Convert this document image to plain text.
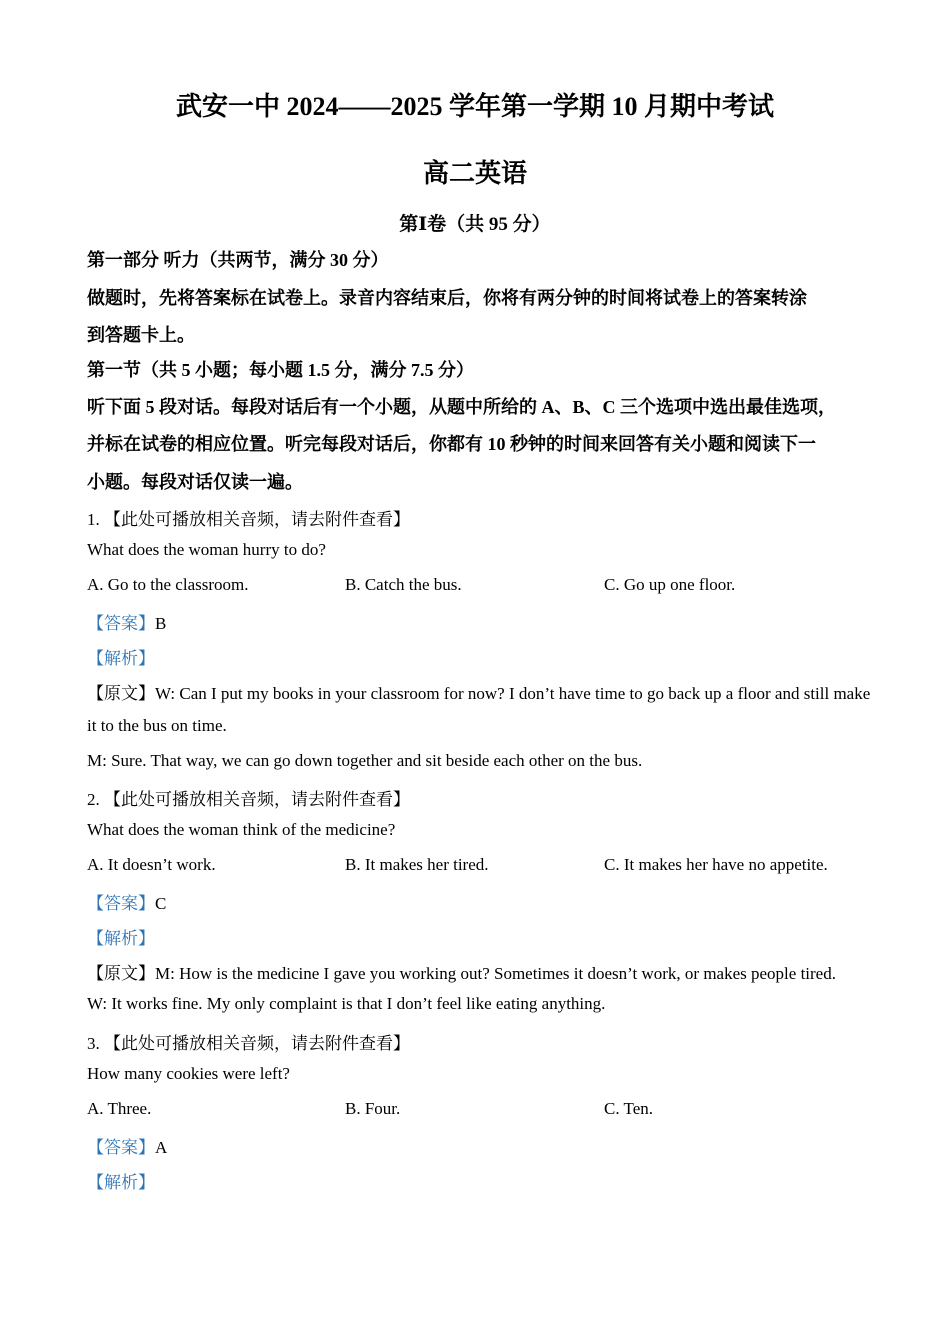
武安一中 2024——2025 学年第一学期 10 月期中考试
高二英语
第Ⅰ卷（共 95 分）
第一部分 听力（共两节，满分 30 分）
做题时，先将答案标在试卷上。录音内容结束后，你将有两分钟的时间将试卷上的答案转涂
到答题卡上。
第一节（共 5 小题；每小题 1.5 分，满分 7.5 分）
听下面 5 段对话。每段对话后有一个小题，从题中所给的 A、B、C 三个选项中选出最佳选项，
并标在试卷的相应位置。听完每段对话后，你都有 10 秒钟的时间来回答有关小题和阅读下一
小题。每段对话仅读一遍。
1. 【此处可播放相关音频，请去附件查看】
What does the woman hurry to do?
A. Go to the classroom.	B. Catch the bus.	C. Go up one floor.
【答案】B
【解析】
【原文】W: Can I put my books in your classroom for now? I don’t have time to go back up a floor and still make
it to the bus on time.
M: Sure. That way, we can go down together and sit beside each other on the bus.
2. 【此处可播放相关音频，请去附件查看】
What does the woman think of the medicine?
A. It doesn’t work.	B. It makes her tired.	C. It makes her have no appetite.
【答案】C
【解析】
【原文】M: How is the medicine I gave you working out? Sometimes it doesn’t work, or makes people tired.
W: It works fine. My only complaint is that I don’t feel like eating anything.
3. 【此处可播放相关音频，请去附件查看】
How many cookies were left?
A. Three.	B. Four.	C. Ten.
【答案】A
【解析】
